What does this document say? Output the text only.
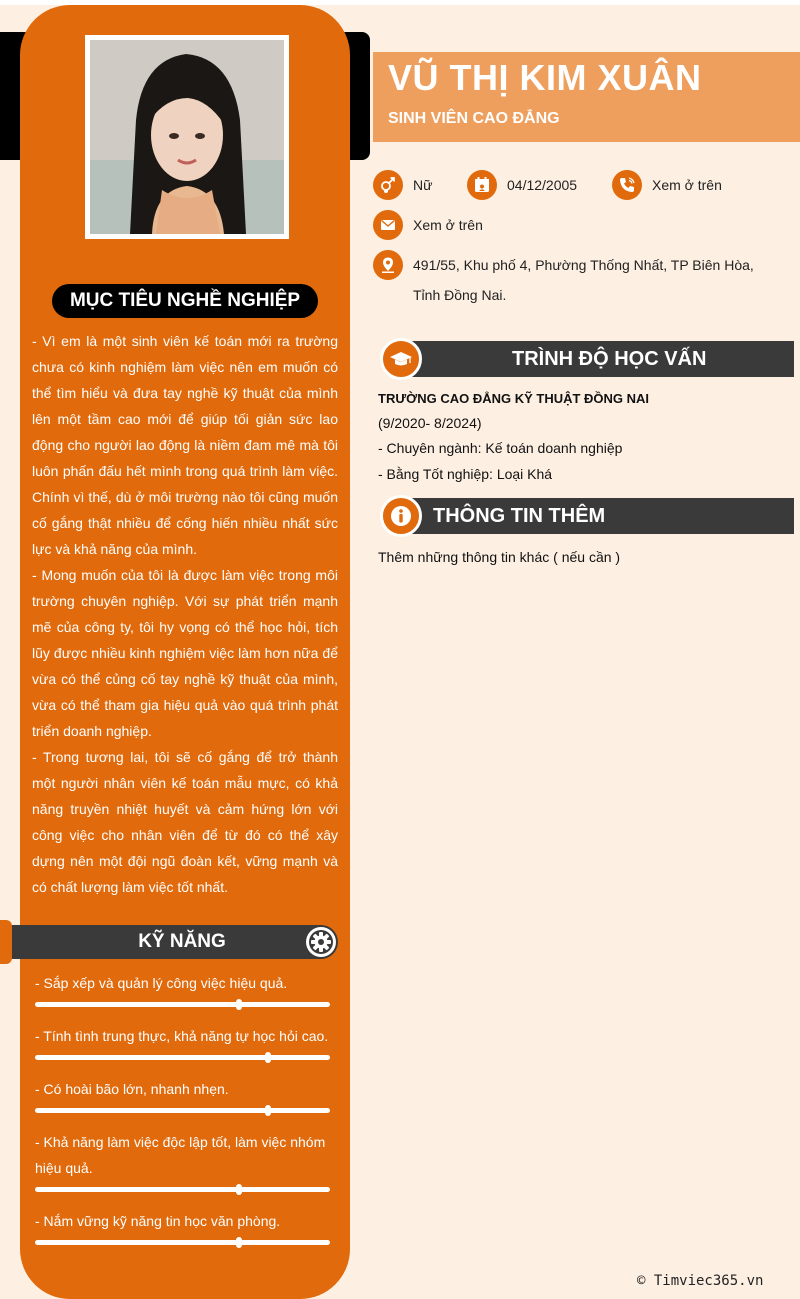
MỤC TIÊU NGHỀ NGHIỆP

- Vì em là một sinh viên kế toán mới ra trường chưa có kinh nghiệm làm việc nên em muốn có thể tìm hiểu và đưa tay nghề kỹ thuật của mình lên một tầm cao mới để giúp tối giản sức lao động cho người lao động là niềm đam mê mà tôi luôn phấn đấu hết mình trong quá trình làm việc. Chính vì thế, dù ở môi trường nào tôi cũng muốn cố gắng thật nhiều để cống hiến nhiều nhất sức lực và khả năng của mình.

- Mong muốn của tôi là được làm việc trong môi trường chuyên nghiệp. Với sự phát triển mạnh mẽ của công ty, tôi hy vọng có thể học hỏi, tích lũy được nhiều kinh nghiệm việc làm hơn nữa để vừa có thể củng cố tay nghề kỹ thuật của mình, vừa có thể tham gia hiệu quả vào quá trình phát triển doanh nghiệp.

- Trong tương lai, tôi sẽ cố gắng để trở thành một người nhân viên kế toán mẫu mực, có khả năng truyền nhiệt huyết và cảm hứng lớn với công việc cho nhân viên để từ đó có thể xây dựng nên một đội ngũ đoàn kết, vững mạnh và có chất lượng làm việc tốt nhất.

KỸ NĂNG
- Sắp xếp và quản lý công việc hiệu quả.
- Tính tình trung thực, khả năng tự học hỏi cao.
- Có hoài bão lớn, nhanh nhẹn.
- Khả năng làm việc độc lập tốt, làm việc nhóm hiệu quả.
- Nắm vững kỹ năng tin học văn phòng.
VŨ THỊ KIM XUÂN
SINH VIÊN CAO ĐẲNG
Nữ	04/12/2005	Xem ở trên
Xem ở trên
491/55, Khu phố 4, Phường Thống Nhất, TP Biên Hòa,
Tỉnh Đồng Nai.
TRÌNH ĐỘ HỌC VẤN
TRƯỜNG CAO ĐẲNG KỸ THUẬT ĐỒNG NAI
(9/2020- 8/2024)
- Chuyên ngành: Kế toán doanh nghiệp
- Bằng Tốt nghiệp: Loại Khá
THÔNG TIN THÊM
Thêm những thông tin khác ( nếu cần )
© Timviec365.vn
